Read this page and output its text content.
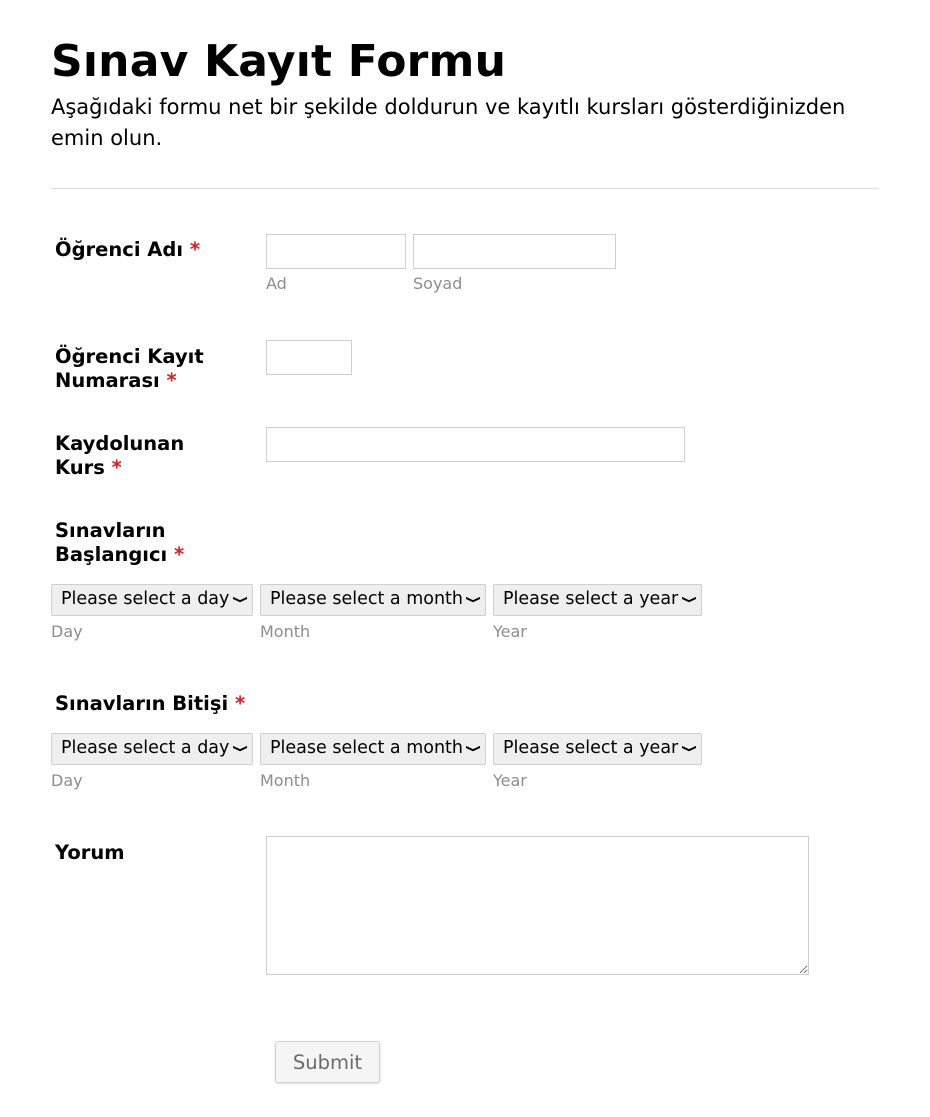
Sınav Kayıt Formu

Aşağıdaki formu net bir şekilde doldurun ve kayıtlı kursları gösterdiğinizden emin olun.

Öğrenci Adı *
Ad	Soyad
Öğrenci Kayıt
Numarası *
Kaydolunan
Kurs *
Sınavların
Başlangıcı *
Please select a day ❯	Please select a month ❯	Please select a year ❯
Day	Month	Year
Sınavların Bitişi *
Please select a day ❯	Please select a month ❯	Please select a year ❯
Day	Month	Year
Yorum
Submit
